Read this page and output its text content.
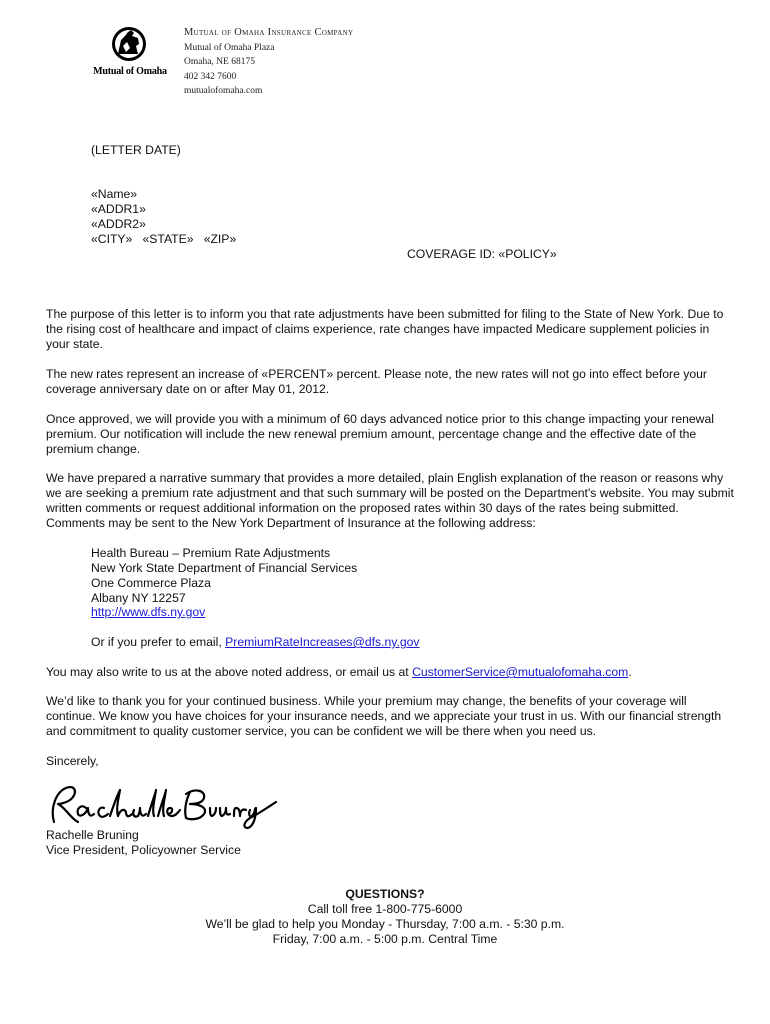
Mutual of Omaha
Mutual of Omaha Insurance Company
Mutual of Omaha Plaza
Omaha, NE 68175
402 342 7600
mutualofomaha.com
(LETTER DATE)
«Name»
«ADDR1»
«ADDR2»
«CITY» «STATE» «ZIP»
COVERAGE ID: «POLICY»
The purpose of this letter is to inform you that rate adjustments have been submitted for filing to the State of New York. Due to the rising cost of healthcare and impact of claims experience, rate changes have impacted Medicare supplement policies in your state.
The new rates represent an increase of «PERCENT» percent. Please note, the new rates will not go into effect before your coverage anniversary date on or after May 01, 2012.
Once approved, we will provide you with a minimum of 60 days advanced notice prior to this change impacting your renewal premium. Our notification will include the new renewal premium amount, percentage change and the effective date of the premium change.
We have prepared a narrative summary that provides a more detailed, plain English explanation of the reason or reasons why we are seeking a premium rate adjustment and that such summary will be posted on the Department's website. You may submit written comments or request additional information on the proposed rates within 30 days of the rates being submitted. Comments may be sent to the New York Department of Insurance at the following address:
Health Bureau – Premium Rate Adjustments
New York State Department of Financial Services
One Commerce Plaza
Albany NY 12257
http://www.dfs.ny.gov
Or if you prefer to email, PremiumRateIncreases@dfs.ny.gov
You may also write to us at the above noted address, or email us at CustomerService@mutualofomaha.com.
We’d like to thank you for your continued business. While your premium may change, the benefits of your coverage will continue. We know you have choices for your insurance needs, and we appreciate your trust in us. With our financial strength and commitment to quality customer service, you can be confident we will be there when you need us.
Sincerely,
Rachelle Bruning
Vice President, Policyowner Service
QUESTIONS?
Call toll free 1-800-775-6000
We’ll be glad to help you Monday - Thursday, 7:00 a.m. - 5:30 p.m.
Friday, 7:00 a.m. - 5:00 p.m. Central Time
